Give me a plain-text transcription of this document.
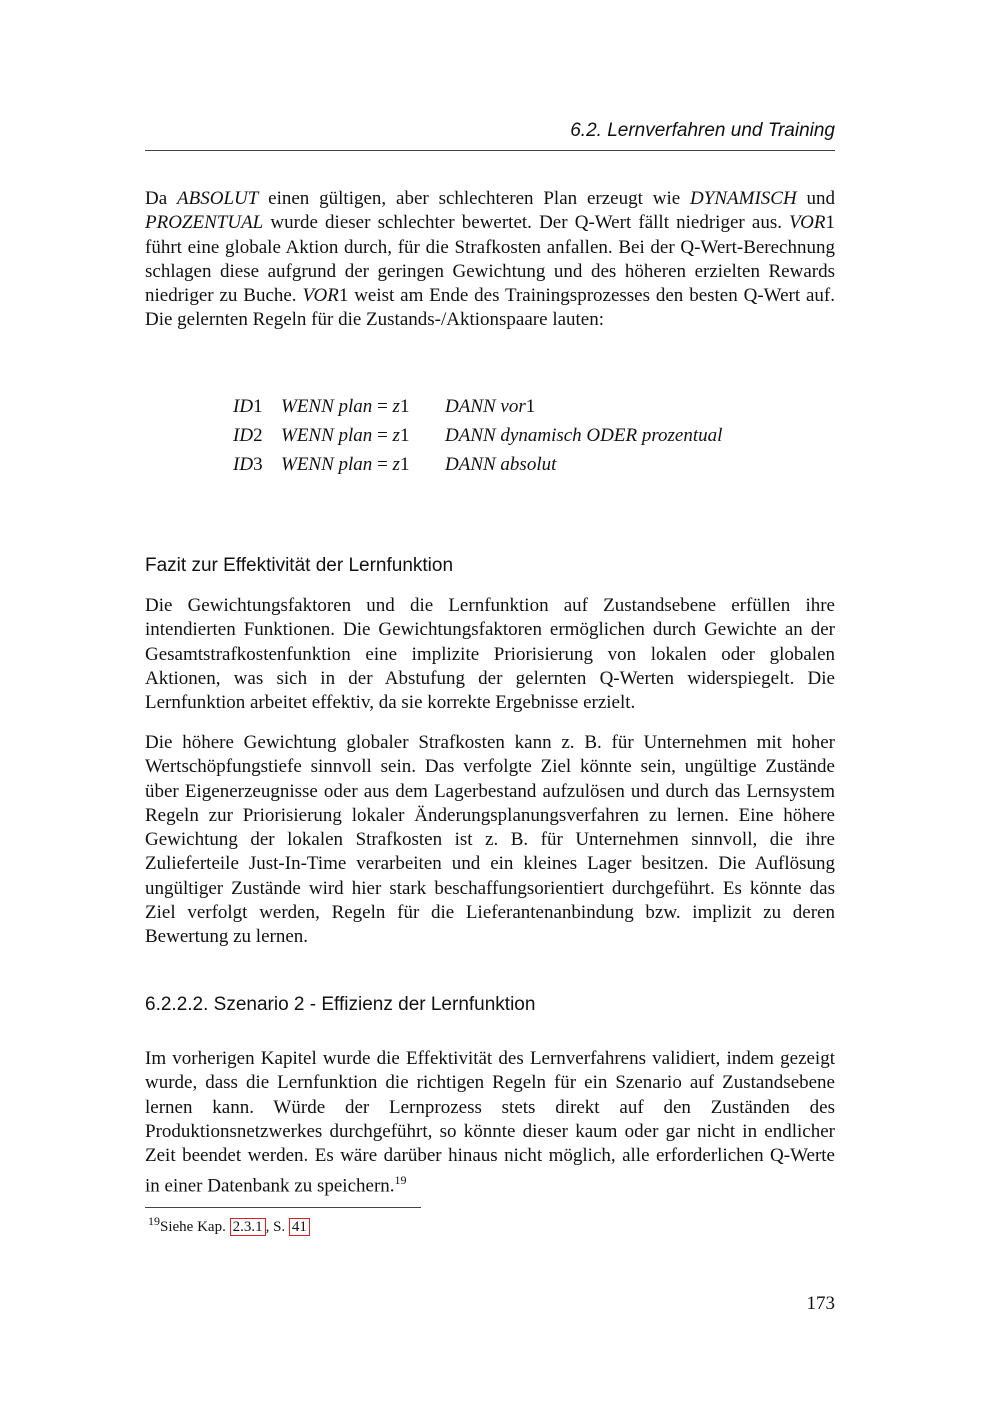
6.2. Lernverfahren und Training

Da ABSOLUT einen gültigen, aber schlechteren Plan erzeugt wie DYNAMISCH und PROZENTUAL wurde dieser schlechter bewertet. Der Q-Wert fällt niedriger aus. VOR1 führt eine globale Aktion durch, für die Strafkosten anfallen. Bei der Q-Wert-Berechnung schlagen diese aufgrund der geringen Gewichtung und des höheren erzielten Rewards niedriger zu Buche. VOR1 weist am Ende des Trainingsprozesses den besten Q-Wert auf. Die gelernten Regeln für die Zustands-/Aktionspaare lauten:

ID1 WENN plan = z1	DANN vor1
ID2 WENN plan = z1	DANN dynamisch ODER prozentual
ID3 WENN plan = z1	DANN absolut
Fazit zur Effektivität der Lernfunktion

Die Gewichtungsfaktoren und die Lernfunktion auf Zustandsebene erfüllen ihre intendierten Funktionen. Die Gewichtungsfaktoren ermöglichen durch Gewichte an der Gesamtstrafkostenfunktion eine implizite Priorisierung von lokalen oder globalen Aktionen, was sich in der Abstufung der gelernten Q-Werten widerspiegelt. Die Lernfunktion arbeitet effektiv, da sie korrekte Ergebnisse erzielt.

Die höhere Gewichtung globaler Strafkosten kann z. B. für Unternehmen mit hoher Wertschöpfungstiefe sinnvoll sein. Das verfolgte Ziel könnte sein, ungültige Zustände über Eigenerzeugnisse oder aus dem Lagerbestand aufzulösen und durch das Lernsystem Regeln zur Priorisierung lokaler Änderungsplanungsverfahren zu lernen. Eine höhere Gewichtung der lokalen Strafkosten ist z. B. für Unternehmen sinnvoll, die ihre Zulieferteile Just-In-Time verarbeiten und ein kleines Lager besitzen. Die Auflösung ungültiger Zustände wird hier stark beschaffungsorientiert durchgeführt. Es könnte das Ziel verfolgt werden, Regeln für die Lieferantenanbindung bzw. implizit zu deren Bewertung zu lernen.

6.2.2.2. Szenario 2 - Effizienz der Lernfunktion

Im vorherigen Kapitel wurde die Effektivität des Lernverfahrens validiert, indem gezeigt wurde, dass die Lernfunktion die richtigen Regeln für ein Szenario auf Zustandsebene lernen kann. Würde der Lernprozess stets direkt auf den Zuständen des Produktionsnetzwerkes durchgeführt, so könnte dieser kaum oder gar nicht in endlicher Zeit beendet werden. Es wäre darüber hinaus nicht möglich, alle erforderlichen Q-Werte in einer Datenbank zu speichern.$^{19}$

$^{19}$Siehe Kap. 2.3.1 , S. 41
173
